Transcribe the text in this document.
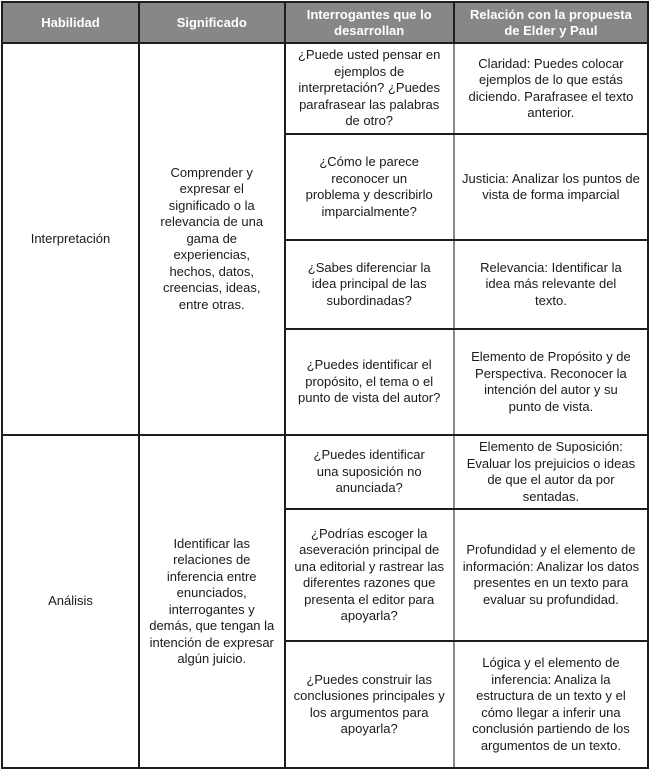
Habilidad	Significado	Interrogantes que lo desarrollan	Relación con la propuesta de Elder y Paul
Interpretación	Comprender y expresar el significado o la relevancia de una gama de experiencias, hechos, datos, creencias, ideas, entre otras.	¿Puede usted pensar en ejemplos de interpretación? ¿Puedes parafrasear las palabras de otro?	Claridad: Puedes colocar ejemplos de lo que estás diciendo. Parafrasee el texto anterior.
		¿Cómo le parece reconocer un problema y describirlo imparcialmente?	Justicia: Analizar los puntos de vista de forma imparcial
		¿Sabes diferenciar la idea principal de las subordinadas?	Relevancia: Identificar la idea más relevante del texto.
		¿Puedes identificar el propósito, el tema o el punto de vista del autor?	Elemento de Propósito y de Perspectiva. Reconocer la intención del autor y su punto de vista.
Análisis	Identificar las relaciones de inferencia entre enunciados, interrogantes y demás, que tengan la intención de expresar algún juicio.	¿Puedes identificar una suposición no anunciada?	Elemento de Suposición: Evaluar los prejuicios o ideas de que el autor da por sentadas.
		¿Podrías escoger la aseveración principal de una editorial y rastrear las diferentes razones que presenta el editor para apoyarla?	Profundidad y el elemento de información: Analizar los datos presentes en un texto para evaluar su profundidad.
		¿Puedes construir las conclusiones principales y los argumentos para apoyarla?	Lógica y el elemento de inferencia: Analiza la estructura de un texto y el cómo llegar a inferir una conclusión partiendo de los argumentos de un texto.
